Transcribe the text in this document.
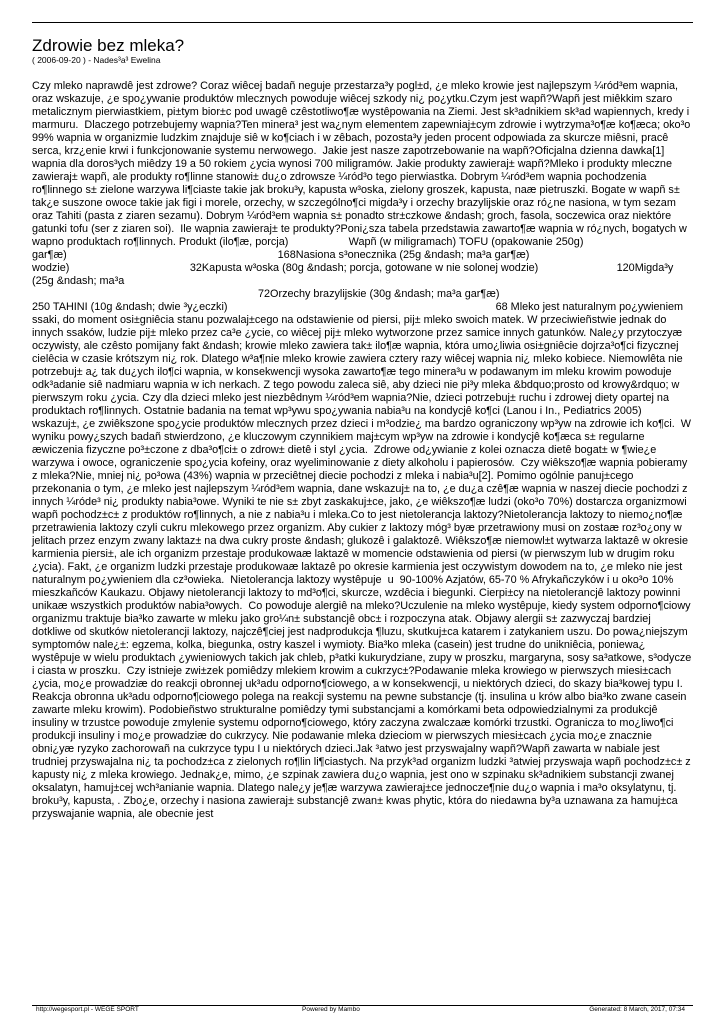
Zdrowie bez mleka?
( 2006-09-20 ) - Nades³a³ Ewelina
Czy mleko naprawdê jest zdrowe? Coraz wiêcej badañ neguje przestarza³y pogl±d, ¿e mleko krowie jest najlepszym ¼ród³em wapnia, oraz wskazuje, ¿e spo¿ywanie produktów mlecznych powoduje wiêcej szkody ni¿ po¿ytku.Czym jest wapñ?Wapñ jest miêkkim szaro metalicznym pierwiastkiem, pi±tym bior±c pod uwagê czêstotliwo¶æ wystêpowania na Ziemi. Jest sk³adnikiem sk³ad wapiennych, kredy i marmuru.  Dlaczego potrzebujemy wapnia?Ten minera³ jest wa¿nym elementem zapewniaj±cym zdrowie i wytrzyma³o¶æ ko¶æca; oko³o 99% wapnia w organizmie ludzkim znajduje siê w ko¶ciach i w zêbach, pozosta³y jeden procent odpowiada za skurcze miêsni, pracê serca, krz¿enie krwi i funkcjonowanie systemu nerwowego.  Jakie jest nasze zapotrzebowanie na wapñ?Oficjalna dzienna dawka[1] wapnia dla doros³ych miêdzy 19 a 50 rokiem ¿ycia wynosi 700 miligramów. Jakie produkty zawieraj± wapñ?Mleko i produkty mleczne zawieraj± wapñ, ale produkty ro¶linne stanowi± du¿o zdrowsze ¼ród³o tego pierwiastka. Dobrym ¼ród³em wapnia pochodzenia ro¶linnego s± zielone warzywa li¶ciaste takie jak broku³y, kapusta w³oska, zielony groszek, kapusta, naæ pietruszki. Bogate w wapñ s± tak¿e suszone owoce takie jak figi i morele, orzechy, w szczególno¶ci migda³y i orzechy brazylijskie oraz ró¿ne nasiona, w tym sezam oraz Tahiti (pasta z ziaren sezamu). Dobrym ¼ród³em wapnia s± ponadto str±czkowe &ndash; groch, fasola, soczewica oraz niektóre gatunki tofu (ser z ziaren soi).  Ile wapnia zawieraj± te produkty?Poni¿sza tabela przedstawia zawarto¶æ wapnia w ró¿nych, bogatych w wapno produktach ro¶linnych. Produkt (ilo¶æ, porcja)                    Wapñ (w miligramach) TOFU (opakowanie 250g)
gar¶æ)                                                                      168Nasiona s³onecznika (25g &ndash; ma³a gar¶æ)
wodzie)                                        32Kapusta w³oska (80g &ndash; porcja, gotowane w nie solonej wodzie)                          120Migda³y (25g &ndash; ma³a
72Orzechy brazylijskie (30g &ndash; ma³a gar¶æ)
250 TAHINI (10g &ndash; dwie ³y¿eczki)                                                                                         68 Mleko jest naturalnym po¿ywieniem
ssaki, do moment osi±gniêcia stanu pozwalaj±cego na odstawienie od piersi, pij± mleko swoich matek. W przeciwieñstwie jednak do innych ssaków, ludzie pij± mleko przez ca³e ¿ycie, co wiêcej pij± mleko wytworzone przez samice innych gatunków. Nale¿y przytoczyæ oczywisty, ale czêsto pomijany fakt &ndash; krowie mleko zawiera tak± ilo¶æ wapnia, która umo¿liwia osi±gniêcie dojrza³o¶ci fizycznej cielêcia w czasie krótszym ni¿ rok. Dlatego w³a¶nie mleko krowie zawiera cztery razy wiêcej wapnia ni¿ mleko kobiece. Niemowlêta nie potrzebuj± a¿ tak du¿ych ilo¶ci wapnia, w konsekwencji wysoka zawarto¶æ tego minera³u w podawanym im mleku krowim powoduje odk³adanie siê nadmiaru wapnia w ich nerkach. Z tego powodu zaleca siê, aby dzieci nie pi³y mleka &bdquo;prosto od krowy&rdquo; w pierwszym roku ¿ycia. Czy dla dzieci mleko jest niezbêdnym ¼ród³em wapnia?Nie, dzieci potrzebuj± ruchu i zdrowej diety opartej na produktach ro¶linnych. Ostatnie badania na temat wp³ywu spo¿ywania nabia³u na kondycjê ko¶ci (Lanou i In., Pediatrics 2005) wskazuj±, ¿e zwiêkszone spo¿ycie produktów mlecznych przez dzieci i m³odzie¿ ma bardzo ograniczony wp³yw na zdrowie ich ko¶ci.  W wyniku powy¿szych badañ stwierdzono, ¿e kluczowym czynnikiem maj±cym wp³yw na zdrowie i kondycjê ko¶æca s± regularne æwiczenia fizyczne po³±czone z dba³o¶ci± o zdrow± dietê i styl ¿ycia.  Zdrowe od¿ywianie z kolei oznacza dietê bogat± w ¶wie¿e warzywa i owoce, ograniczenie spo¿ycia kofeiny, oraz wyeliminowanie z diety alkoholu i papierosów.  Czy wiêkszo¶æ wapnia pobieramy z mleka?Nie, mniej ni¿ po³owa (43%) wapnia w przeciêtnej diecie pochodzi z mleka i nabia³u[2]. Pomimo ogólnie panuj±cego przekonania o tym, ¿e mleko jest najlepszym ¼ród³em wapnia, dane wskazuj± na to, ¿e du¿a czê¶æ wapnia w naszej diecie pochodzi z innych ¼róde³ ni¿ produkty nabia³owe. Wyniki te nie s± zbyt zaskakuj±ce, jako, ¿e wiêkszo¶æ ludzi (oko³o 70%) dostarcza organizmowi wapñ pochodz±c± z produktów ro¶linnych, a nie z nabia³u i mleka.Co to jest nietolerancja laktozy?Nietolerancja laktozy to niemo¿no¶æ przetrawienia laktozy czyli cukru mlekowego przez organizm. Aby cukier z laktozy móg³ byæ przetrawiony musi on zostaæ roz³o¿ony w jelitach przez enzym zwany laktaz± na dwa cukry proste &ndash; glukozê i galaktozê. Wiêkszo¶æ niemowl±t wytwarza laktazê w okresie karmienia piersi±, ale ich organizm przestaje produkowaæ laktazê w momencie odstawienia od piersi (w pierwszym lub w drugim roku ¿ycia). Fakt, ¿e organizm ludzki przestaje produkowaæ laktazê po okresie karmienia jest oczywistym dowodem na to, ¿e mleko nie jest naturalnym po¿ywieniem dla cz³owieka.  Nietolerancja laktozy wystêpuje  u  90-100% Azjatów, 65-70 % Afrykañczyków i u oko³o 10% mieszkañców Kaukazu. Objawy nietolerancji laktozy to md³o¶ci, skurcze, wzdêcia i biegunki. Cierpi±cy na nietolerancjê laktozy powinni unikaæ wszystkich produktów nabia³owych.  Co powoduje alergiê na mleko?Uczulenie na mleko wystêpuje, kiedy system odporno¶ciowy organizmu traktuje bia³ko zawarte w mleku jako gro¼n± substancjê obc± i rozpoczyna atak. Objawy alergii s± zazwyczaj bardziej dotkliwe od skutków nietolerancji laktozy, najczê¶ciej jest nadprodukcja ¶luzu, skutkuj±ca katarem i zatykaniem uszu. Do powa¿niejszym symptomów nale¿±: egzema, kolka, biegunka, ostry kaszel i wymioty. Bia³ko mleka (casein) jest trudne do unikniêcia, poniewa¿ wystêpuje w wielu produktach ¿ywieniowych takich jak chleb, p³atki kukurydziane, zupy w proszku, margaryna, sosy sa³atkowe, s³odycze i ciasta w proszku.  Czy istnieje zwi±zek pomiêdzy mlekiem krowim a cukrzyc±?Podawanie mleka krowiego w pierwszych miesi±cach ¿ycia, mo¿e prowadziæ do reakcji obronnej uk³adu odporno¶ciowego, a w konsekwencji, u niektórych dzieci, do skazy bia³kowej typu I. Reakcja obronna uk³adu odporno¶ciowego polega na reakcji systemu na pewne substancje (tj. insulina u krów albo bia³ko zwane casein zawarte mleku krowim). Podobieñstwo strukturalne pomiêdzy tymi substancjami a komórkami beta odpowiedzialnymi za produkcjê insuliny w trzustce powoduje zmylenie systemu odporno¶ciowego, który zaczyna zwalczaæ komórki trzustki. Ogranicza to mo¿liwo¶ci produkcji insuliny i mo¿e prowadziæ do cukrzycy. Nie podawanie mleka dzieciom w pierwszych miesi±cach ¿ycia mo¿e znacznie obni¿yæ ryzyko zachorowañ na cukrzyce typu I u niektórych dzieci.Jak ³atwo jest przyswajalny wapñ?Wapñ zawarta w nabiale jest trudniej przyswajalna ni¿ ta pochodz±ca z zielonych ro¶lin li¶ciastych. Na przyk³ad organizm ludzki ³atwiej przyswaja wapñ pochodz±c± z kapusty ni¿ z mleka krowiego. Jednak¿e, mimo, ¿e szpinak zawiera du¿o wapnia, jest ono w szpinaku sk³adnikiem substancji zwanej oksalatyn, hamuj±cej wch³anianie wapnia. Dlatego nale¿y je¶æ warzywa zawieraj±ce jednocze¶nie du¿o wapnia i ma³o oksylatynu, tj. broku³y, kapusta, . Zbo¿e, orzechy i nasiona zawieraj± substancjê zwan± kwas phytic, która do niedawna by³a uznawana za hamuj±ca przyswajanie wapnia, ale obecnie jest
http://wegesport.pl - WEGE SPORT	Powered by Mambo	Generated: 8 March, 2017, 07:34
